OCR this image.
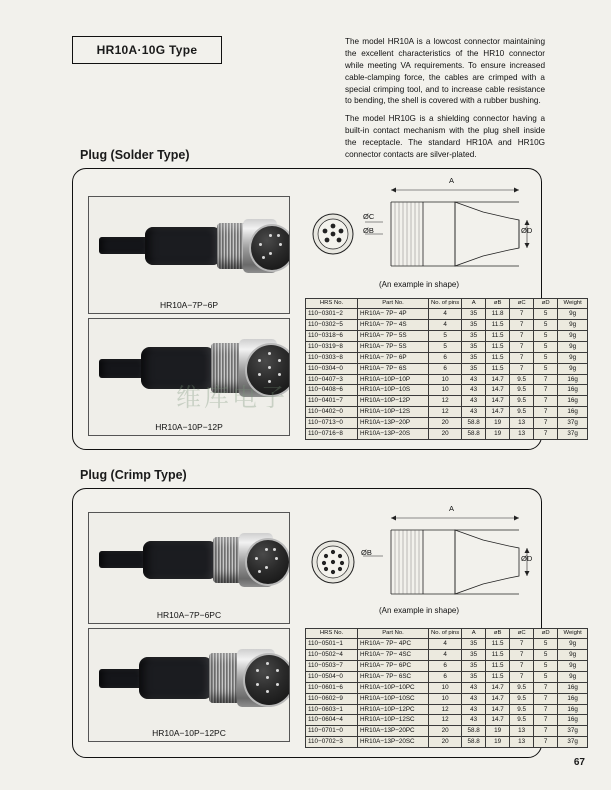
HR10A·10G Type

The model HR10A is a lowcost connector maintaining the excellent characteristics of the HR10 connector while meeting VA requirements. To ensure increased cable-clamping force, the cables are crimped with a special crimping tool, and to increase cable resistance to bending, the shell is covered with a rubber bushing.

The model HR10G is a shielding connector having a built-in contact mechanism with the plug shell inside the receptacle. The standard HR10A and HR10G connector contacts are silver-plated.

Plug (Solder Type)
HR10A−7P−6P
HR10A−10P−12P
A
ØB
ØC
ØD
(An example in shape)
HRS No.	Part No.	No. of pins	A	øB	øC	øD	Weight
110−0301−2	HR10A− 7P− 4P	4	35	11.8	7	5	9g
110−0302−5	HR10A− 7P− 4S	4	35	11.5	7	5	9g
110−0318−6	HR10A− 7P− 5S	5	35	11.5	7	5	9g
110−0319−8	HR10A− 7P− 5S	5	35	11.5	7	5	9g
110−0303−8	HR10A− 7P− 6P	6	35	11.5	7	5	9g
110−0304−0	HR10A− 7P− 6S	6	35	11.5	7	5	9g
110−0407−3	HR10A−10P−10P	10	43	14.7	9.5	7	16g
110−0408−6	HR10A−10P−10S	10	43	14.7	9.5	7	16g
110−0401−7	HR10A−10P−12P	12	43	14.7	9.5	7	16g
110−0402−0	HR10A−10P−12S	12	43	14.7	9.5	7	16g
110−0713−0	HR10A−13P−20P	20	58.8	19	13	7	37g
110−0716−8	HR10A−13P−20S	20	58.8	19	13	7	37g
维库电子
Plug (Crimp Type)
HR10A−7P−6PC
HR10A−10P−12PC
A
ØB
ØD
(An example in shape)
HRS No.	Part No.	No. of pins	A	øB	øC	øD	Weight
110−0501−1	HR10A− 7P− 4PC	4	35	11.5	7	5	9g
110−0502−4	HR10A− 7P− 4SC	4	35	11.5	7	5	9g
110−0503−7	HR10A− 7P− 6PC	6	35	11.5	7	5	9g
110−0504−0	HR10A− 7P− 6SC	6	35	11.5	7	5	9g
110−0601−6	HR10A−10P−10PC	10	43	14.7	9.5	7	16g
110−0602−9	HR10A−10P−10SC	10	43	14.7	9.5	7	16g
110−0603−1	HR10A−10P−12PC	12	43	14.7	9.5	7	16g
110−0604−4	HR10A−10P−12SC	12	43	14.7	9.5	7	16g
110−0701−0	HR10A−13P−20PC	20	58.8	19	13	7	37g
110−0702−3	HR10A−13P−20SC	20	58.8	19	13	7	37g
67
